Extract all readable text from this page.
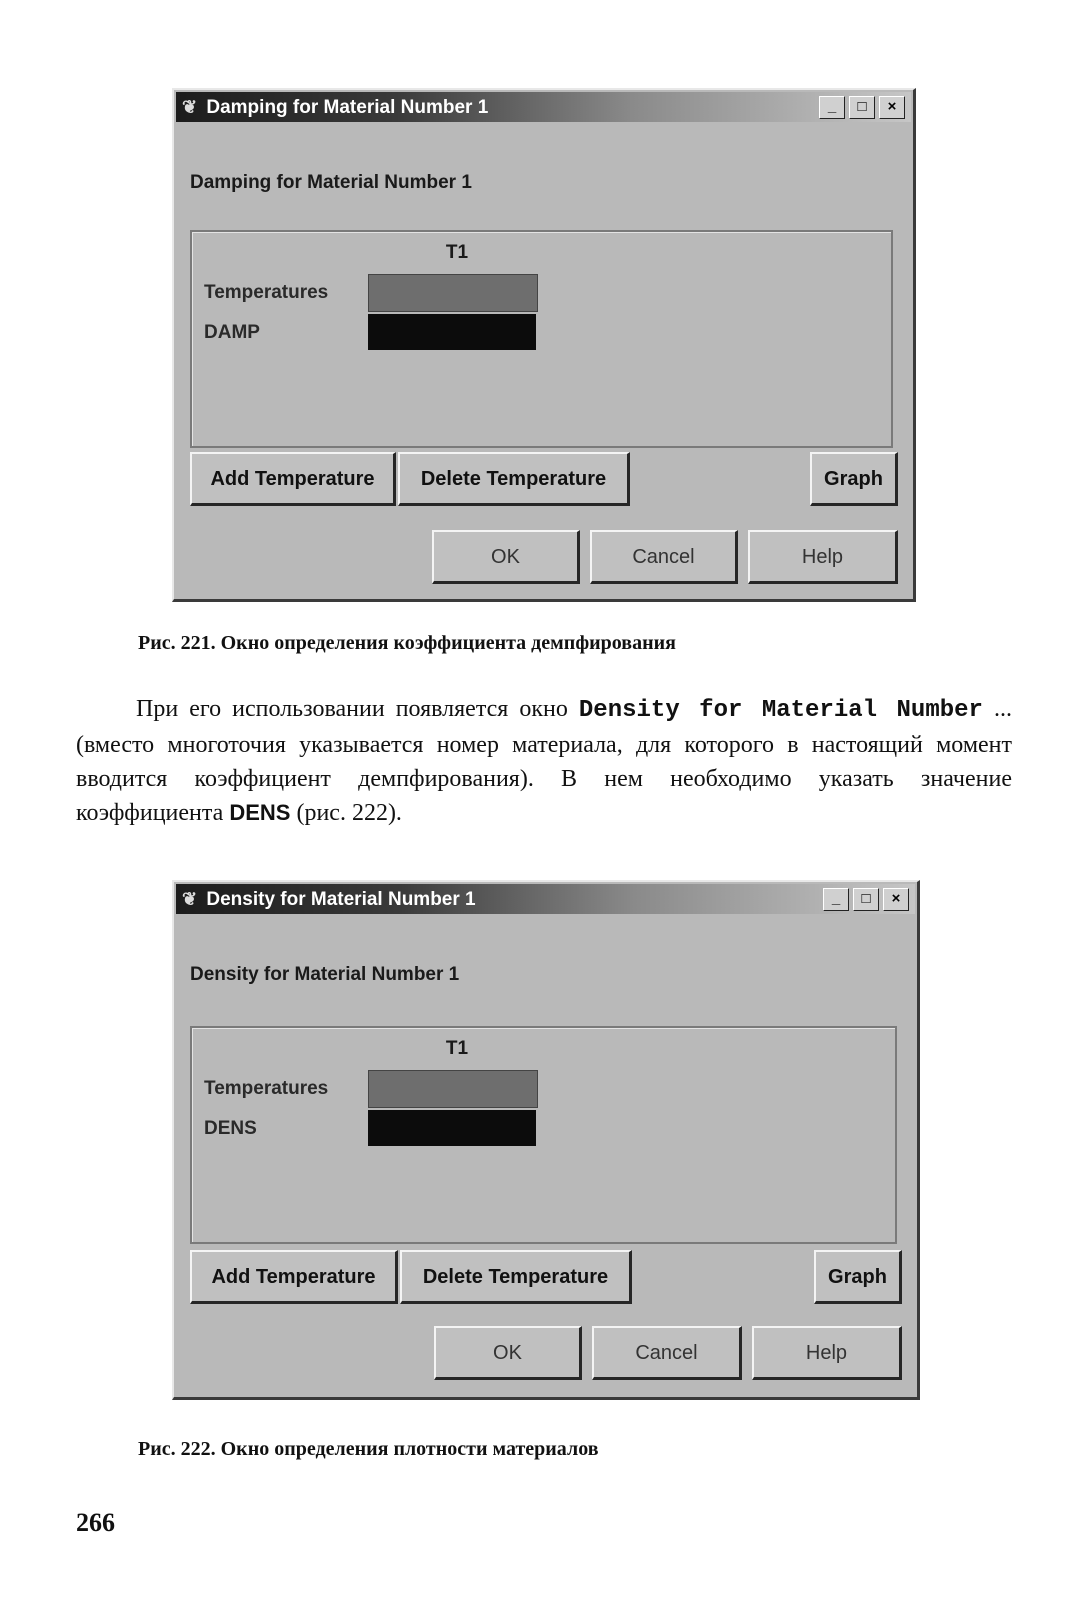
❦ Damping for Material Number 1	_	□	×
Damping for Material Number 1
T1
Temperatures
DAMP
Add Temperature	Delete Temperature	Graph
OK	Cancel	Help
Рис. 221. Окно определения коэффициента демпфирования

При его использовании появляется окно Density for Material Number ... (вместо многоточия указывается номер материала, для которого в настоящий момент вводится коэффициент демпфирования). В нем необходимо указать значение коэффициента DENS (рис. 222).

❦ Density for Material Number 1	_	□	×
Density for Material Number 1
T1
Temperatures
DENS
Add Temperature	Delete Temperature	Graph
OK	Cancel	Help
Рис. 222. Окно определения плотности материалов
266
